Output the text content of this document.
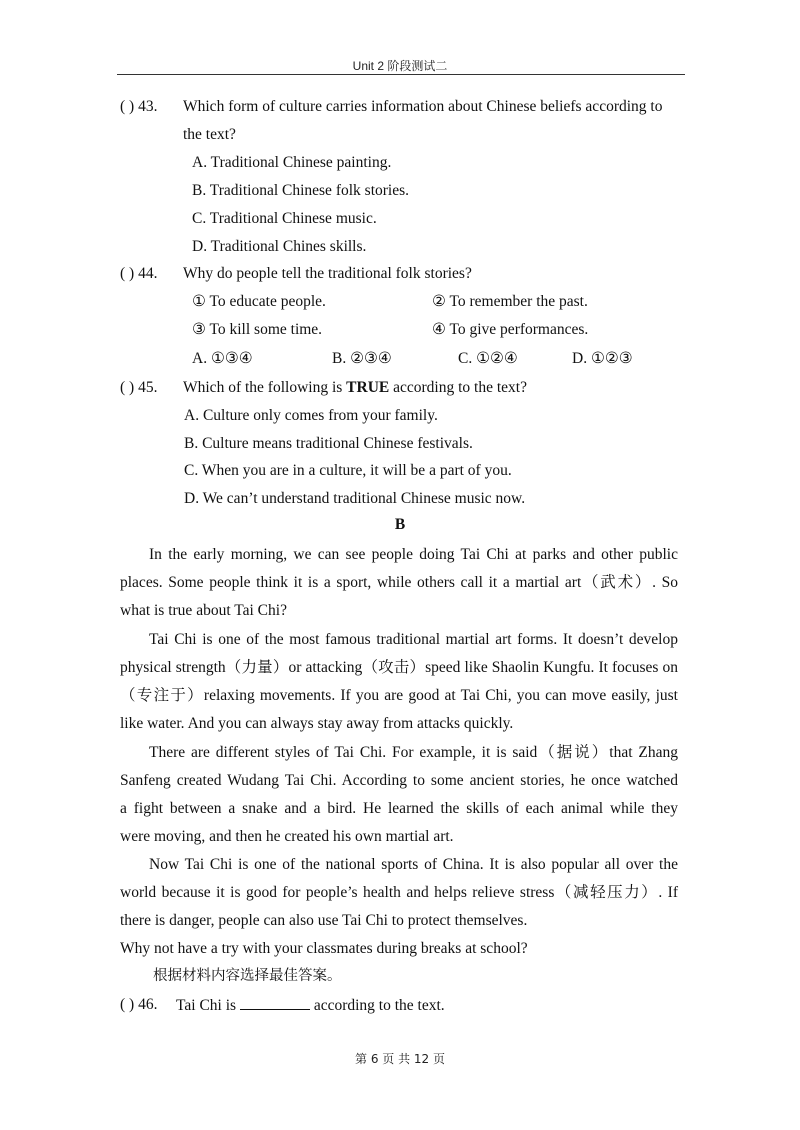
Unit 2 阶段测试二
( ) 43. Which form of culture carries information about Chinese beliefs according to
the text?
A. Traditional Chinese painting.
B. Traditional Chinese folk stories.
C. Traditional Chinese music.
D. Traditional Chines skills.
( ) 44. Why do people tell the traditional folk stories?
① To educate people.	② To remember the past.
③ To kill some time.	④ To give performances.
A. ①③④	B. ②③④	C. ①②④	D. ①②③
( ) 45. Which of the following is TRUE according to the text?
A. Culture only comes from your family.
B. Culture means traditional Chinese festivals.
C. When you are in a culture, it will be a part of you.
D. We can’t understand traditional Chinese music now.
B
In the early morning, we can see people doing Tai Chi at parks and other public
places. Some people think it is a sport, while others call it a martial art（武术）. So
what is true about Tai Chi?
Tai Chi is one of the most famous traditional martial art forms. It doesn’t develop
physical strength（力量）or attacking（攻击）speed like Shaolin Kungfu. It focuses on
（专注于）relaxing movements. If you are good at Tai Chi, you can move easily, just
like water. And you can always stay away from attacks quickly.
There are different styles of Tai Chi. For example, it is said（据说）that Zhang
Sanfeng created Wudang Tai Chi. According to some ancient stories, he once watched
a fight between a snake and a bird. He learned the skills of each animal while they
were moving, and then he created his own martial art.
Now Tai Chi is one of the national sports of China. It is also popular all over the
world because it is good for people’s health and helps relieve stress（减轻压力）. If
there is danger, people can also use Tai Chi to protect themselves.
Why not have a try with your classmates during breaks at school?
根据材料内容选择最佳答案。
( ) 46. Tai Chi is	according to the text.
第 6 页 共 12 页
